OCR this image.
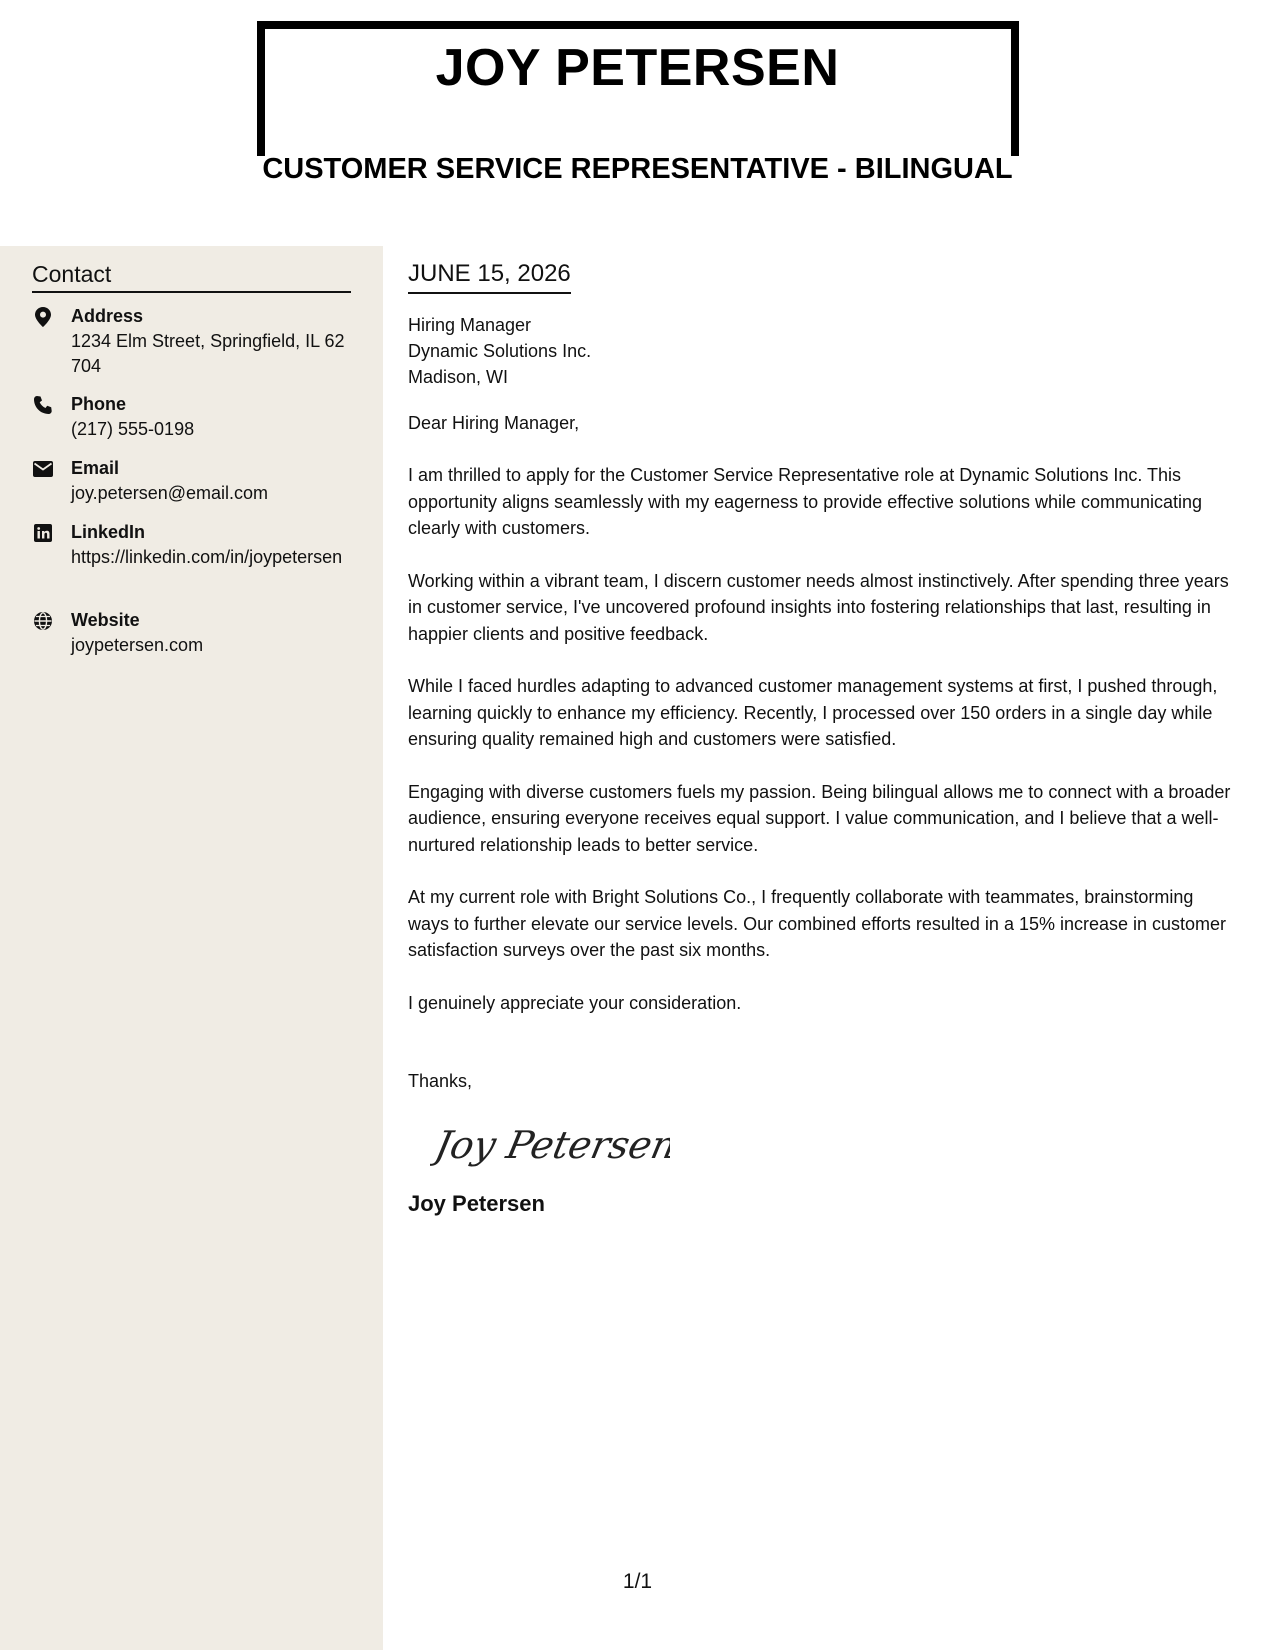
JOY PETERSEN
CUSTOMER SERVICE REPRESENTATIVE - BILINGUAL
Contact
Address
1234 Elm Street, Springfield, IL 62704
Phone
(217) 555-0198
Email
joy.petersen@email.com
LinkedIn
https://linkedin.com/in/joypetersen
Website
joypetersen.com
JUNE 15, 2026
Hiring Manager
Dynamic Solutions Inc.
Madison, WI
Dear Hiring Manager,

I am thrilled to apply for the Customer Service Representative role at Dynamic Solutions Inc. This opportunity aligns seamlessly with my eagerness to provide effective solutions while communicating clearly with customers.

Working within a vibrant team, I discern customer needs almost instinctively. After spending three years in customer service, I've uncovered profound insights into fostering relationships that last, resulting in happier clients and positive feedback.

While I faced hurdles adapting to advanced customer management systems at first, I pushed through, learning quickly to enhance my efficiency. Recently, I processed over 150 orders in a single day while ensuring quality remained high and customers were satisfied.

Engaging with diverse customers fuels my passion. Being bilingual allows me to connect with a broader audience, ensuring everyone receives equal support. I value communication, and I believe that a well-nurtured relationship leads to better service.

At my current role with Bright Solutions Co., I frequently collaborate with teammates, brainstorming ways to further elevate our service levels. Our combined efforts resulted in a 15% increase in customer satisfaction surveys over the past six months.

I genuinely appreciate your consideration.

Thanks,
Joy Petersen
Joy Petersen
1/1
